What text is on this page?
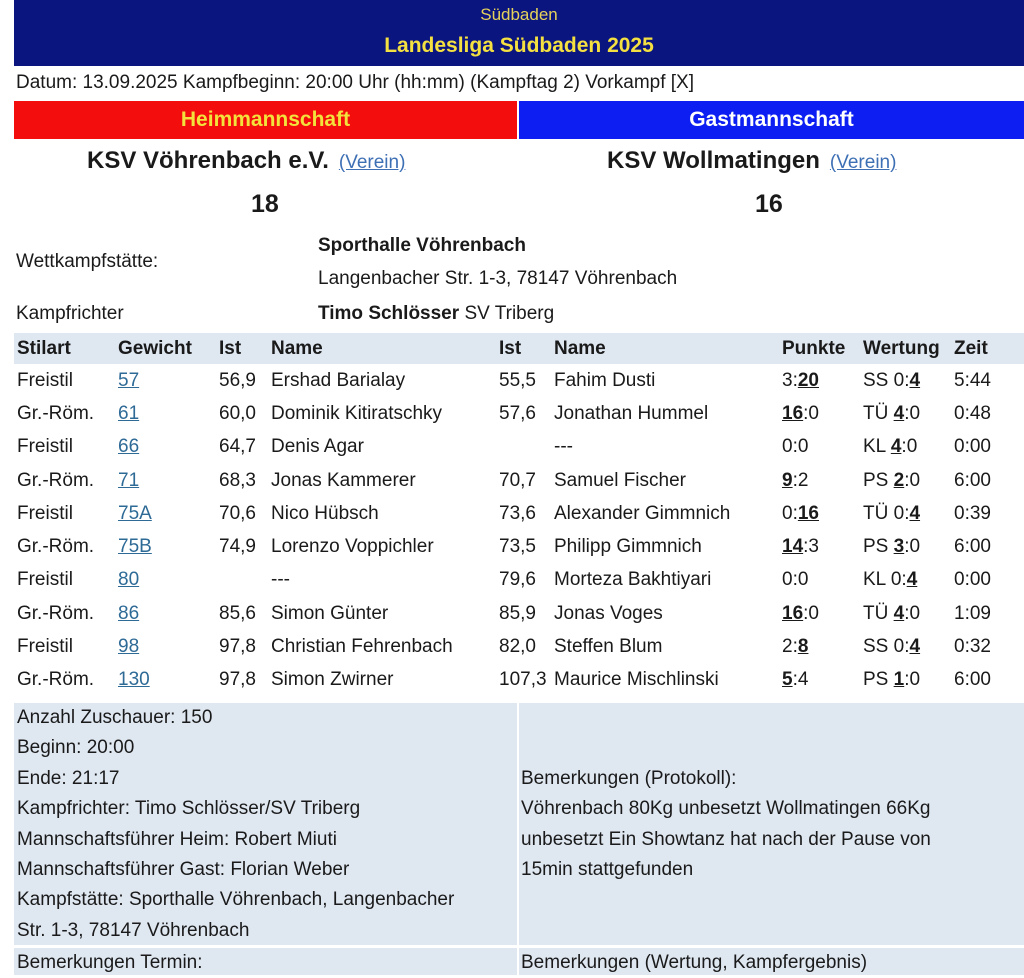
Südbaden
Landesliga Südbaden 2025
Datum: 13.09.2025 Kampfbeginn: 20:00 Uhr (hh:mm) (Kampftag 2) Vorkampf [X]
Heimmannschaft	Gastmannschaft
KSV Vöhrenbach e.V. (Verein)	KSV Wollmatingen (Verein)
18	16
Wettkampfstätte:
Sporthalle Vöhrenbach
Langenbacher Str. 1-3, 78147 Vöhrenbach
Kampfrichter	Timo Schlösser SV Triberg
Stilart	Gewicht	Ist	Name	Ist	Name	Punkte	Wertung	Zeit
Freistil	57	56,9	Ershad Barialay	55,5	Fahim Dusti	3:20	SS 0:4	5:44
Gr.-Röm.	61	60,0	Dominik Kitiratschky	57,6	Jonathan Hummel	16:0	TÜ 4:0	0:48
Freistil	66	64,7	Denis Agar		---	0:0	KL 4:0	0:00
Gr.-Röm.	71	68,3	Jonas Kammerer	70,7	Samuel Fischer	9:2	PS 2:0	6:00
Freistil	75A	70,6	Nico Hübsch	73,6	Alexander Gimmnich	0:16	TÜ 0:4	0:39
Gr.-Röm.	75B	74,9	Lorenzo Voppichler	73,5	Philipp Gimmnich	14:3	PS 3:0	6:00
Freistil	80		---	79,6	Morteza Bakhtiyari	0:0	KL 0:4	0:00
Gr.-Röm.	86	85,6	Simon Günter	85,9	Jonas Voges	16:0	TÜ 4:0	1:09
Freistil	98	97,8	Christian Fehrenbach	82,0	Steffen Blum	2:8	SS 0:4	0:32
Gr.-Röm.	130	97,8	Simon Zwirner	107,3	Maurice Mischlinski	5:4	PS 1:0	6:00
Anzahl Zuschauer: 150
Beginn: 20:00
Ende: 21:17
Kampfrichter: Timo Schlösser/SV Triberg
Mannschaftsführer Heim: Robert Miuti
Mannschaftsführer Gast: Florian Weber
Kampfstätte: Sporthalle Vöhrenbach, Langenbacher
Str. 1-3, 78147 Vöhrenbach
Bemerkungen (Protokoll):
Vöhrenbach 80Kg unbesetzt Wollmatingen 66Kg
unbesetzt Ein Showtanz hat nach der Pause von
15min stattgefunden
Bemerkungen Termin:	Bemerkungen (Wertung, Kampfergebnis)
